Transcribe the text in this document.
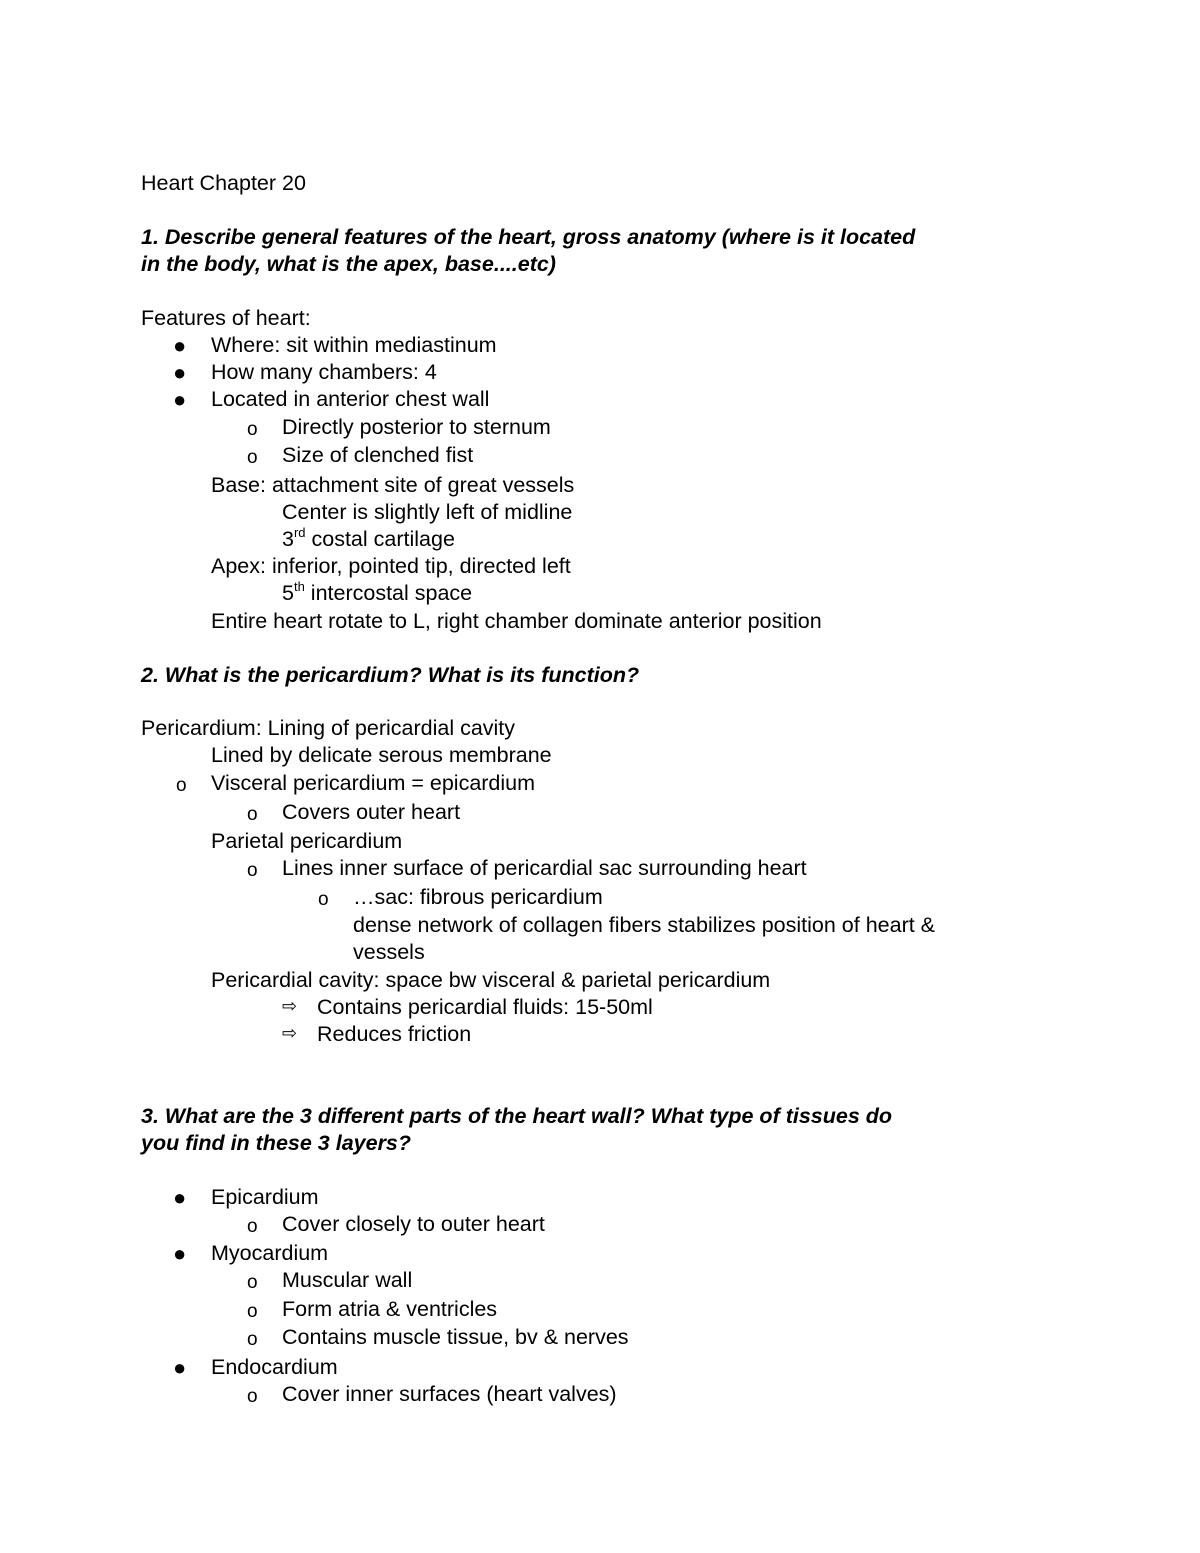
Heart Chapter 20
1. Describe general features of the heart, gross anatomy (where is it located
in the body, what is the apex, base....etc)
Features of heart:
● Where: sit within mediastinum
● How many chambers: 4
● Located in anterior chest wall
o Directly posterior to sternum
o Size of clenched fist
Base: attachment site of great vessels
Center is slightly left of midline
3rd costal cartilage
Apex: inferior, pointed tip, directed left
5th intercostal space
Entire heart rotate to L, right chamber dominate anterior position
2. What is the pericardium? What is its function?
Pericardium: Lining of pericardial cavity
Lined by delicate serous membrane
o Visceral pericardium = epicardium
o Covers outer heart
Parietal pericardium
o Lines inner surface of pericardial sac surrounding heart
o …sac: fibrous pericardium
dense network of collagen fibers stabilizes position of heart &
vessels
Pericardial cavity: space bw visceral & parietal pericardium
⇨ Contains pericardial fluids: 15-50ml
⇨ Reduces friction
3. What are the 3 different parts of the heart wall? What type of tissues do
you find in these 3 layers?
● Epicardium
o Cover closely to outer heart
● Myocardium
o Muscular wall
o Form atria & ventricles
o Contains muscle tissue, bv & nerves
● Endocardium
o Cover inner surfaces (heart valves)
